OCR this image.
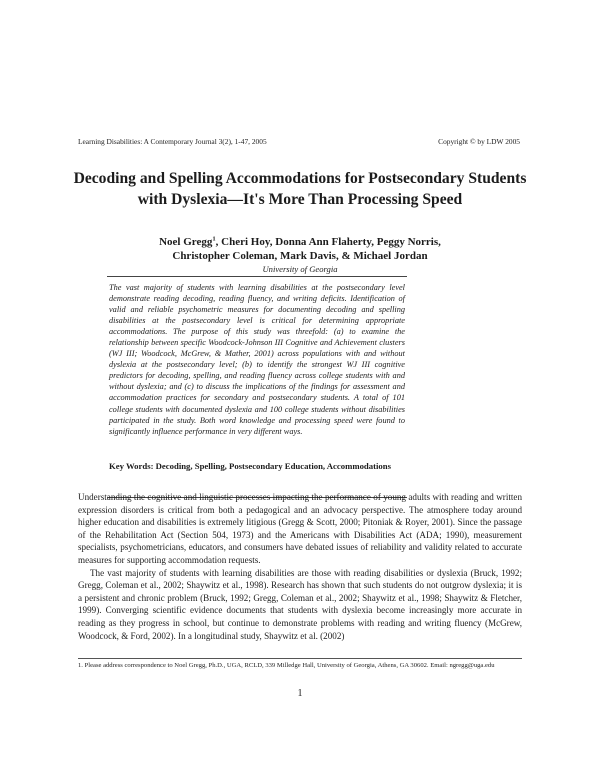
Learning Disabilities: A Contemporary Journal 3(2), 1-47, 2005	Copyright © by LDW 2005
Decoding and Spelling Accommodations for Postsecondary Students with Dyslexia—It's More Than Processing Speed
Noel Gregg$^1$, Cheri Hoy, Donna Ann Flaherty, Peggy Norris,
Christopher Coleman, Mark Davis, & Michael Jordan
University of Georgia
The vast majority of students with learning disabilities at the postsecondary level demonstrate reading decoding, reading fluency, and writing deficits. Identification of valid and reliable psychometric measures for documenting decoding and spelling disabilities at the postsecondary level is critical for determining appropriate accommodations. The purpose of this study was threefold: (a) to examine the relationship between specific Woodcock-Johnson III Cognitive and Achievement clusters (WJ III; Woodcock, McGrew, & Mather, 2001) across populations with and without dyslexia at the postsecondary level; (b) to identify the strongest WJ III cognitive predictors for decoding, spelling, and reading fluency across college students with and without dyslexia; and (c) to discuss the implications of the findings for assessment and accommodation practices for secondary and postsecondary students. A total of 101 college students with documented dyslexia and 100 college students without disabilities participated in the study. Both word knowledge and processing speed were found to significantly influence performance in very different ways.
Key Words: Decoding, Spelling, Postsecondary Education, Accommodations

Understanding the cognitive and linguistic processes impacting the performance of young adults with reading and written expression disorders is critical from both a pedagogical and an advocacy perspective. The atmosphere today around higher education and disabilities is extremely litigious (Gregg & Scott, 2000; Pitoniak & Royer, 2001). Since the passage of the Rehabilitation Act (Section 504, 1973) and the Americans with Disabilities Act (ADA; 1990), measurement specialists, psychometricians, educators, and consumers have debated issues of reliability and validity related to accurate measures for supporting accommodation requests.

The vast majority of students with learning disabilities are those with reading disabilities or dyslexia (Bruck, 1992; Gregg, Coleman et al., 2002; Shaywitz et al., 1998). Research has shown that such students do not outgrow dyslexia; it is a persistent and chronic problem (Bruck, 1992; Gregg, Coleman et al., 2002; Shaywitz et al., 1998; Shaywitz & Fletcher, 1999). Converging scientific evidence documents that students with dyslexia become increasingly more accurate in reading as they progress in school, but continue to demonstrate problems with reading and writing fluency (McGrew, Woodcock, & Ford, 2002). In a longitudinal study, Shaywitz et al. (2002)

1. Please address correspondence to Noel Gregg, Ph.D., UGA, RCLD, 339 Milledge Hall, University of Georgia, Athens, GA 30602. Email: ngregg@uga.edu
1
